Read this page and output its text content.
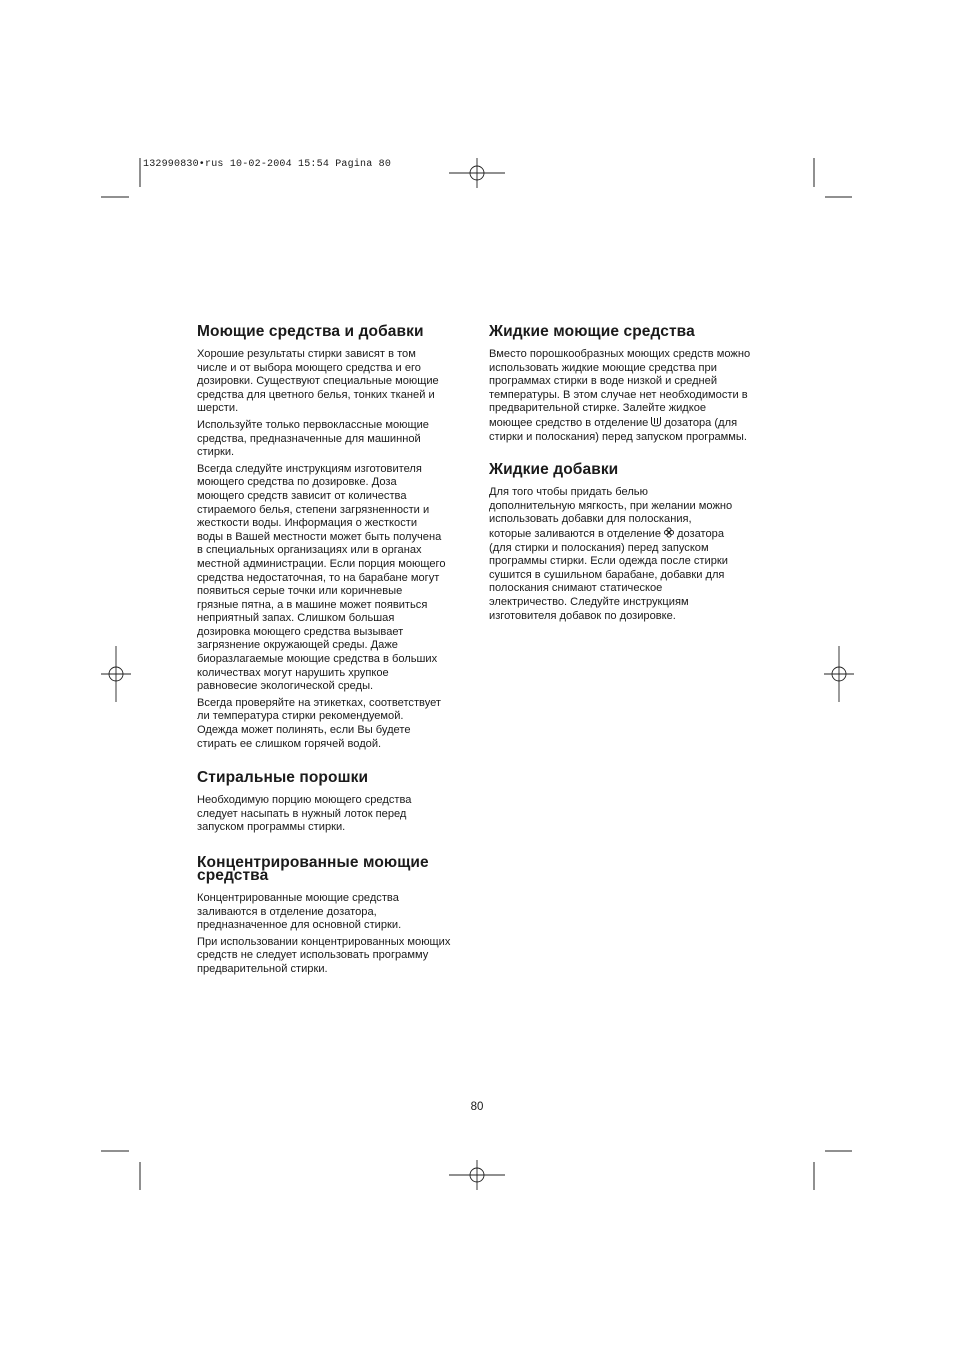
132990830•rus 10-02-2004 15:54 Pagina 80
Моющие средства и добавки

Хорошие результаты стирки зависят в том
числе и от выбора моющего средства и его
дозировки. Существуют специальные моющие
средства для цветного белья, тонких тканей и
шерсти.

Используйте только первоклассные моющие
средства, предназначенные для машинной
стирки.

Всегда следуйте инструкциям изготовителя
моющего средства по дозировке. Доза
моющего средств зависит от количества
стираемого белья, степени загрязненности и
жесткости воды. Информация о жесткости
воды в Вашей местности может быть получена
в специальных организациях или в органах
местной администрации. Если порция моющего
средства недостаточная, то на барабане могут
появиться серые точки или коричневые
грязные пятна, а в машине может появиться
неприятный запах. Слишком большая
дозировка моющего средства вызывает
загрязнение окружающей среды. Даже
биоразлагаемые моющие средства в больших
количествах могут нарушить хрупкое
равновесие экологической среды.

Всегда проверяйте на этикетках, соответствует
ли температура стирки рекомендуемой.
Одежда может полинять, если Вы будете
стирать ее слишком горячей водой.

Стиральные порошки

Необходимую порцию моющего средства
следует насыпать в нужный лоток перед
запуском программы стирки.

Концентрированные моющие
средства

Концентрированные моющие средства
заливаются в отделение дозатора,
предназначенное для основной стирки.

При использовании концентрированных моющих
средств не следует использовать программу
предварительной стирки.

Жидкие моющие средства

Вместо порошкообразных моющих средств можно
использовать жидкие моющие средства при
программах стирки в воде низкой и средней
температуры. В этом случае нет необходимости в
предварительной стирке. Залейте жидкое
моющее средство в отделение дозатора (для
стирки и полоскания) перед запуском программы.

Жидкие добавки

Для того чтобы придать белью
дополнительную мягкость, при желании можно
использовать добавки для полоскания,
которые заливаются в отделение дозатора
(для стирки и полоскания) перед запуском
программы стирки. Если одежда после стирки
сушится в сушильном барабане, добавки для
полоскания снимают статическое
электричество. Следуйте инструкциям
изготовителя добавок по дозировке.

80
